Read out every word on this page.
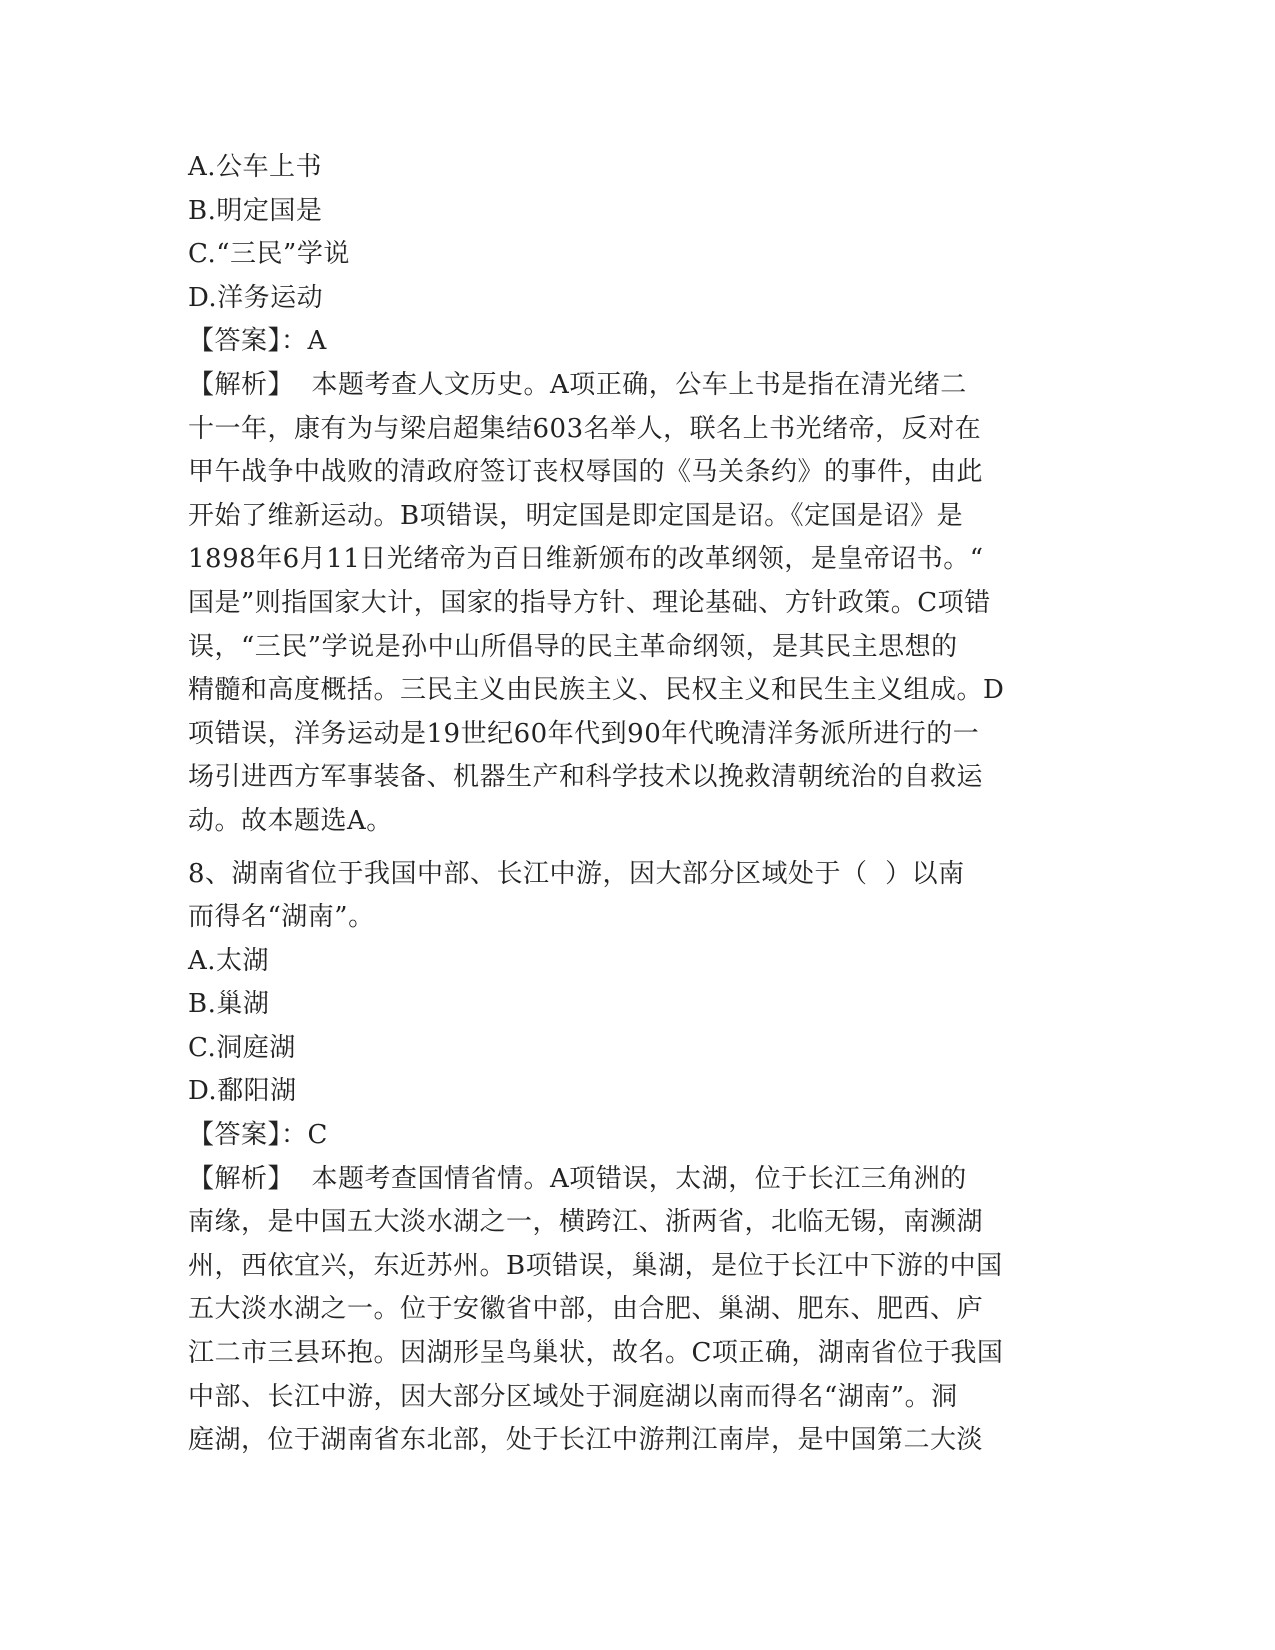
A.公车上书
B.明定国是
C.“三民”学说
D.洋务运动
【答案】：A
【解析】  本题考查人文历史。A项正确，公车上书是指在清光绪二
十一年，康有为与梁启超集结603名举人，联名上书光绪帝，反对在
甲午战争中战败的清政府签订丧权辱国的《马关条约》的事件，由此
开始了维新运动。B项错误，明定国是即定国是诏。《定国是诏》是
1898年6月11日光绪帝为百日维新颁布的改革纲领，是皇帝诏书。“
国是”则指国家大计，国家的指导方针、理论基础、方针政策。C项错
误，“三民”学说是孙中山所倡导的民主革命纲领，是其民主思想的
精髓和高度概括。三民主义由民族主义、民权主义和民生主义组成。D
项错误，洋务运动是19世纪60年代到90年代晚清洋务派所进行的一
场引进西方军事装备、机器生产和科学技术以挽救清朝统治的自救运
动。故本题选A。
8、湖南省位于我国中部、长江中游，因大部分区域处于（  ）以南
而得名“湖南”。
A.太湖
B.巢湖
C.洞庭湖
D.鄱阳湖
【答案】：C
【解析】  本题考查国情省情。A项错误，太湖，位于长江三角洲的
南缘，是中国五大淡水湖之一，横跨江、浙两省，北临无锡，南濒湖
州，西依宜兴，东近苏州。B项错误，巢湖，是位于长江中下游的中国
五大淡水湖之一。位于安徽省中部，由合肥、巢湖、肥东、肥西、庐
江二市三县环抱。因湖形呈鸟巢状，故名。C项正确，湖南省位于我国
中部、长江中游，因大部分区域处于洞庭湖以南而得名“湖南”。洞
庭湖，位于湖南省东北部，处于长江中游荆江南岸，是中国第二大淡
